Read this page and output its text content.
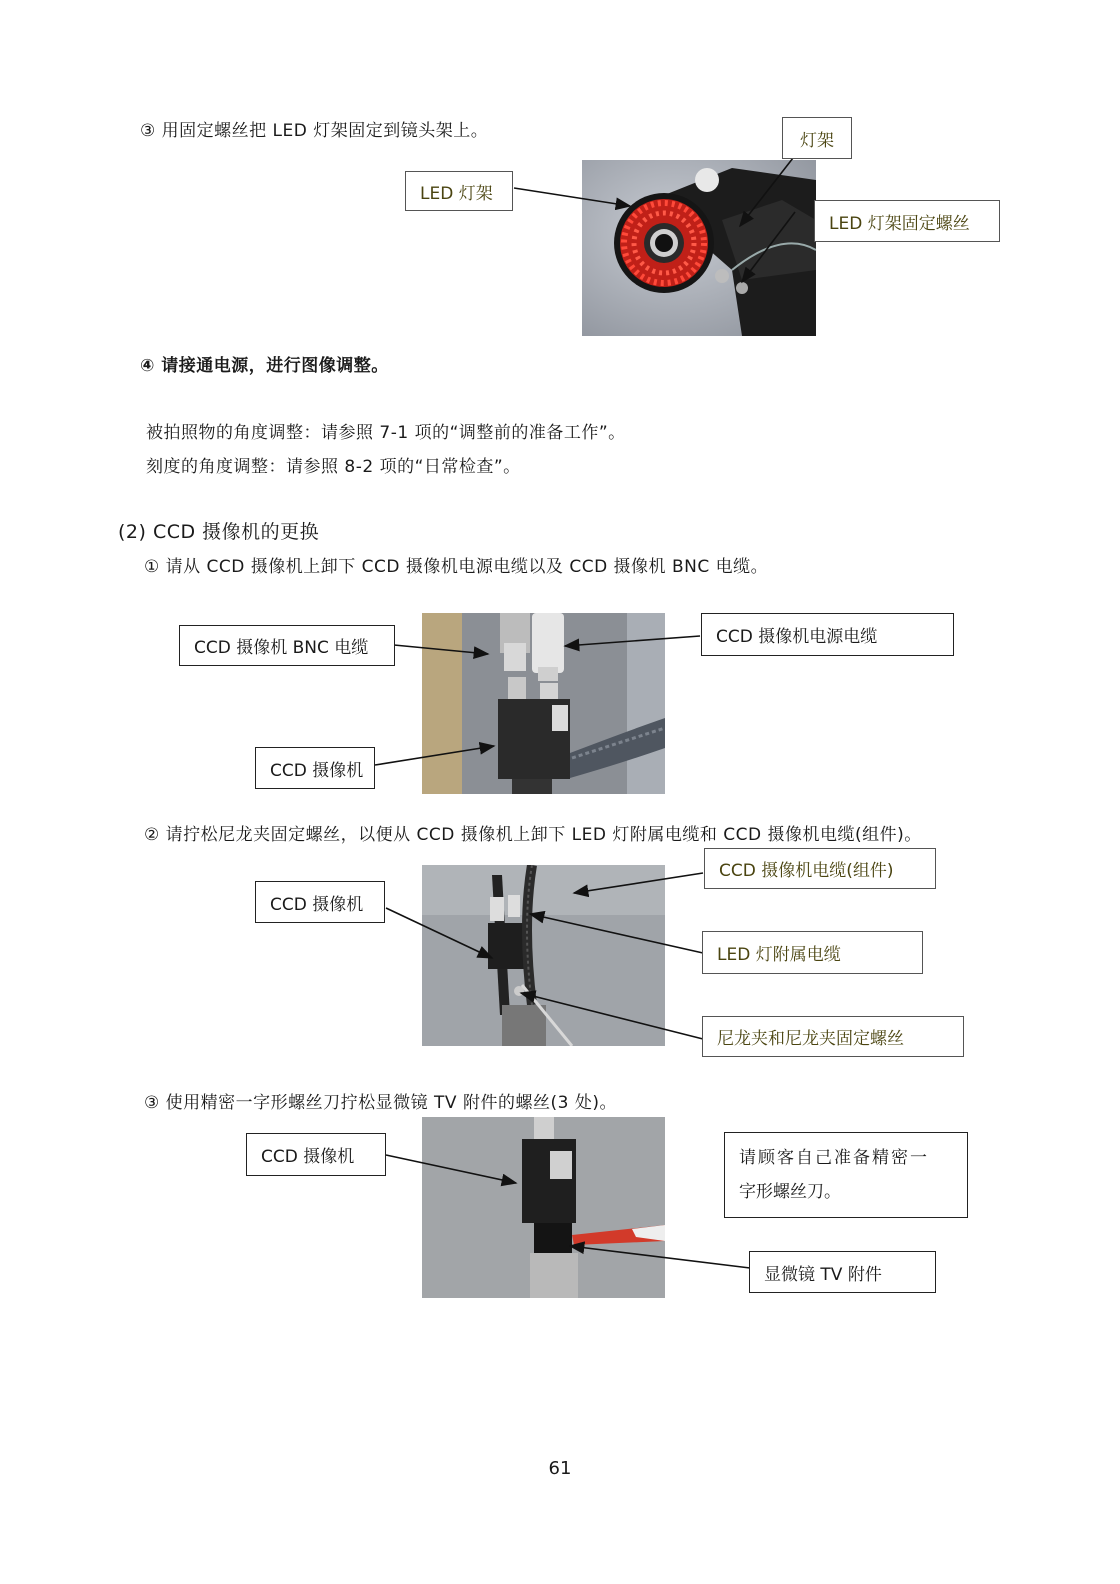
③ 用固定螺丝把 LED 灯架固定到镜头架上。
④ 请接通电源，进行图像调整。
被拍照物的角度调整：请参照 7-1 项的“调整前的准备工作”。
刻度的角度调整：请参照 8-2 项的“日常检查”。
(2) CCD 摄像机的更换
① 请从 CCD 摄像机上卸下 CCD 摄像机电源电缆以及 CCD 摄像机 BNC 电缆。
② 请拧松尼龙夹固定螺丝，以便从 CCD 摄像机上卸下 LED 灯附属电缆和 CCD 摄像机电缆(组件)。
③ 使用精密一字形螺丝刀拧松显微镜 TV 附件的螺丝(3 处)。
灯架
LED 灯架
LED 灯架固定螺丝
CCD 摄像机 BNC 电缆
CCD 摄像机电源电缆
CCD 摄像机
CCD 摄像机
CCD 摄像机电缆(组件)
LED 灯附属电缆
尼龙夹和尼龙夹固定螺丝
CCD 摄像机	请顾客自己准备精密一
字形螺丝刀。
显微镜 TV 附件
61
